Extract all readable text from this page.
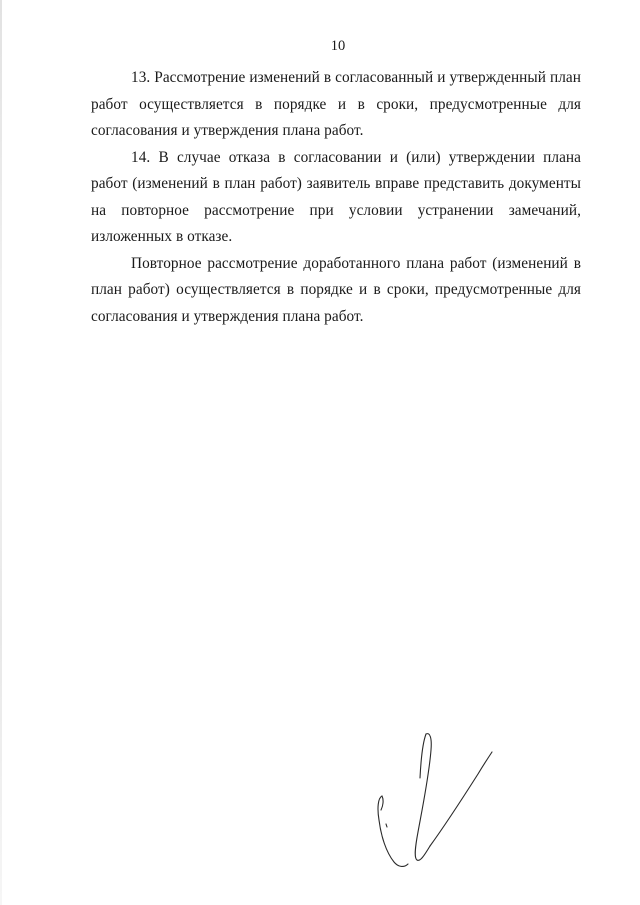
10

13. Рассмотрение изменений в согласованный и утвержденный план работ осуществляется в порядке и в сроки, предусмотренные для согласования и утверждения плана работ.

14. В случае отказа в согласовании и (или) утверждении плана работ (изменений в план работ) заявитель вправе представить документы на повторное рассмотрение при условии устранении замечаний, изложенных в отказе.

Повторное рассмотрение доработанного плана работ (изменений в план работ) осуществляется в порядке и в сроки, предусмотренные для согласования и утверждения плана работ.
